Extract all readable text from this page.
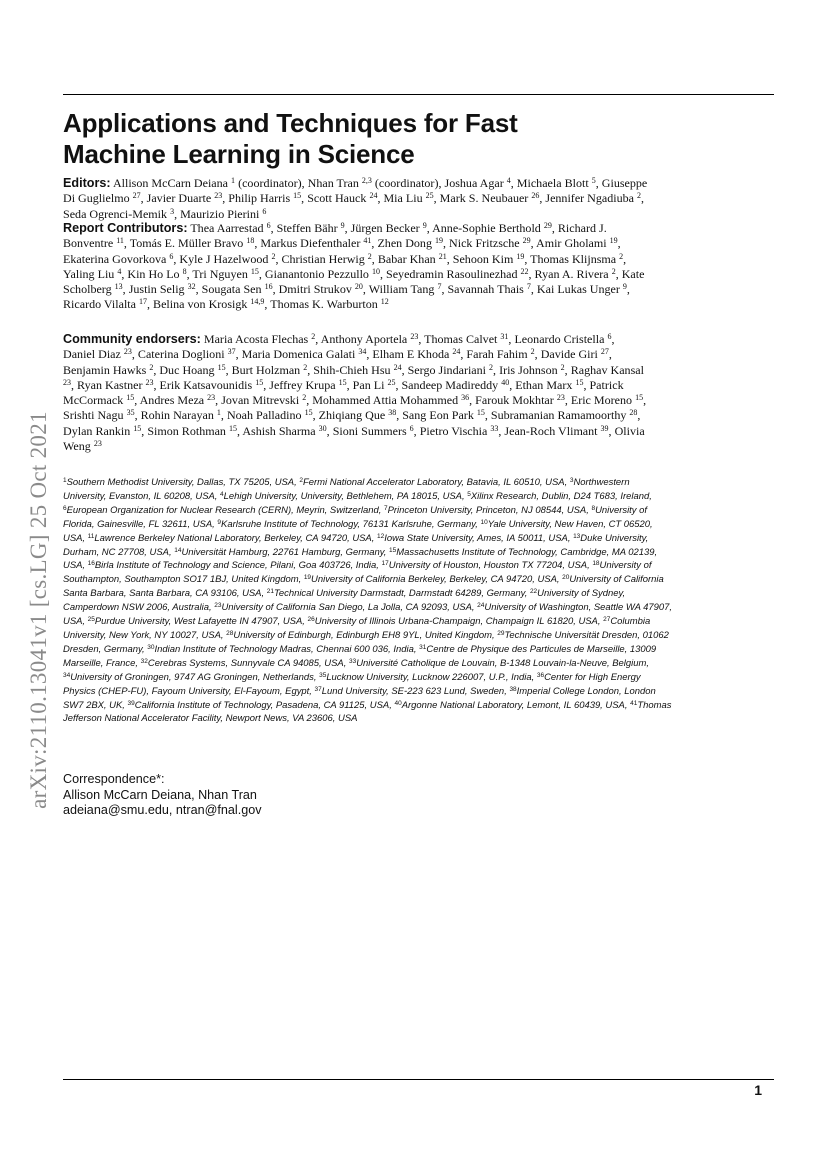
Applications and Techniques for Fast
Machine Learning in Science
Editors: Allison McCarn Deiana $^1$ (coordinator), Nhan Tran $^{2,3}$ (coordinator), Joshua Agar $^4$, Michaela Blott $^5$, Giuseppe Di Guglielmo $^{27}$, Javier Duarte $^{23}$, Philip Harris $^{15}$, Scott Hauck $^{24}$, Mia Liu $^{25}$, Mark S. Neubauer $^{26}$, Jennifer Ngadiuba $^2$, Seda Ogrenci-Memik $^3$, Maurizio Pierini $^6$
Report Contributors: Thea Aarrestad $^6$, Steffen Bähr $^9$, Jürgen Becker $^9$, Anne-Sophie Berthold $^{29}$, Richard J. Bonventre $^{11}$, Tomás E. Müller Bravo $^{18}$, Markus Diefenthaler $^{41}$, Zhen Dong $^{19}$, Nick Fritzsche $^{29}$, Amir Gholami $^{19}$, Ekaterina Govorkova $^6$, Kyle J Hazelwood $^2$, Christian Herwig $^2$, Babar Khan $^{21}$, Sehoon Kim $^{19}$, Thomas Klijnsma $^2$, Yaling Liu $^4$, Kin Ho Lo $^8$, Tri Nguyen $^{15}$, Gianantonio Pezzullo $^{10}$, Seyedramin Rasoulinezhad $^{22}$, Ryan A. Rivera $^2$, Kate Scholberg $^{13}$, Justin Selig $^{32}$, Sougata Sen $^{16}$, Dmitri Strukov $^{20}$, William Tang $^7$, Savannah Thais $^7$, Kai Lukas Unger $^9$, Ricardo Vilalta $^{17}$, Belina von Krosigk $^{14,9}$, Thomas K. Warburton $^{12}$
Community endorsers: Maria Acosta Flechas $^2$, Anthony Aportela $^{23}$, Thomas Calvet $^{31}$, Leonardo Cristella $^6$, Daniel Diaz $^{23}$, Caterina Doglioni $^{37}$, Maria Domenica Galati $^{34}$, Elham E Khoda $^{24}$, Farah Fahim $^2$, Davide Giri $^{27}$, Benjamin Hawks $^2$, Duc Hoang $^{15}$, Burt Holzman $^2$, Shih-Chieh Hsu $^{24}$, Sergo Jindariani $^2$, Iris Johnson $^2$, Raghav Kansal $^{23}$, Ryan Kastner $^{23}$, Erik Katsavounidis $^{15}$, Jeffrey Krupa $^{15}$, Pan Li $^{25}$, Sandeep Madireddy $^{40}$, Ethan Marx $^{15}$, Patrick McCormack $^{15}$, Andres Meza $^{23}$, Jovan Mitrevski $^2$, Mohammed Attia Mohammed $^{36}$, Farouk Mokhtar $^{23}$, Eric Moreno $^{15}$, Srishti Nagu $^{35}$, Rohin Narayan $^1$, Noah Palladino $^{15}$, Zhiqiang Que $^{38}$, Sang Eon Park $^{15}$, Subramanian Ramamoorthy $^{28}$, Dylan Rankin $^{15}$, Simon Rothman $^{15}$, Ashish Sharma $^{30}$, Sioni Summers $^6$, Pietro Vischia $^{33}$, Jean-Roch Vlimant $^{39}$, Olivia Weng $^{23}$
$^1$Southern Methodist University, Dallas, TX 75205, USA, $^2$Fermi National Accelerator Laboratory, Batavia, IL 60510, USA, $^3$Northwestern University, Evanston, IL 60208, USA, $^4$Lehigh University, University, Bethlehem, PA 18015, USA, $^5$Xilinx Research, Dublin, D24 T683, Ireland, $^6$European Organization for Nuclear Research (CERN), Meyrin, Switzerland, $^7$Princeton University, Princeton, NJ 08544, USA, $^8$University of Florida, Gainesville, FL 32611, USA, $^9$Karlsruhe Institute of Technology, 76131 Karlsruhe, Germany, $^{10}$Yale University, New Haven, CT 06520, USA, $^{11}$Lawrence Berkeley National Laboratory, Berkeley, CA 94720, USA, $^{12}$Iowa State University, Ames, IA 50011, USA, $^{13}$Duke University, Durham, NC 27708, USA, $^{14}$Universität Hamburg, 22761 Hamburg, Germany, $^{15}$Massachusetts Institute of Technology, Cambridge, MA 02139, USA, $^{16}$Birla Institute of Technology and Science, Pilani, Goa 403726, India, $^{17}$University of Houston, Houston TX 77204, USA, $^{18}$University of Southampton, Southampton SO17 1BJ, United Kingdom, $^{19}$University of California Berkeley, Berkeley, CA 94720, USA, $^{20}$University of California Santa Barbara, Santa Barbara, CA 93106, USA, $^{21}$Technical University Darmstadt, Darmstadt 64289, Germany, $^{22}$University of Sydney, Camperdown NSW 2006, Australia, $^{23}$University of California San Diego, La Jolla, CA 92093, USA, $^{24}$University of Washington, Seattle WA 47907, USA, $^{25}$Purdue University, West Lafayette IN 47907, USA, $^{26}$University of Illinois Urbana-Champaign, Champaign IL 61820, USA, $^{27}$Columbia University, New York, NY 10027, USA, $^{28}$University of Edinburgh, Edinburgh EH8 9YL, United Kingdom, $^{29}$Technische Universität Dresden, 01062 Dresden, Germany, $^{30}$Indian Institute of Technology Madras, Chennai 600 036, India, $^{31}$Centre de Physique des Particules de Marseille, 13009 Marseille, France, $^{32}$Cerebras Systems, Sunnyvale CA 94085, USA, $^{33}$Université Catholique de Louvain, B-1348 Louvain-la-Neuve, Belgium, $^{34}$University of Groningen, 9747 AG Groningen, Netherlands, $^{35}$Lucknow University, Lucknow 226007, U.P., India, $^{36}$Center for High Energy Physics (CHEP-FU), Fayoum University, El-Fayoum, Egypt, $^{37}$Lund University, SE-223 623 Lund, Sweden, $^{38}$Imperial College London, London SW7 2BX, UK, $^{39}$California Institute of Technology, Pasadena, CA 91125, USA, $^{40}$Argonne National Laboratory, Lemont, IL 60439, USA, $^{41}$Thomas Jefferson National Accelerator Facility, Newport News, VA 23606, USA
Correspondence*:
Allison McCarn Deiana, Nhan Tran
adeiana@smu.edu, ntran@fnal.gov
arXiv:2110.13041v1 [cs.LG] 25 Oct 2021
1
